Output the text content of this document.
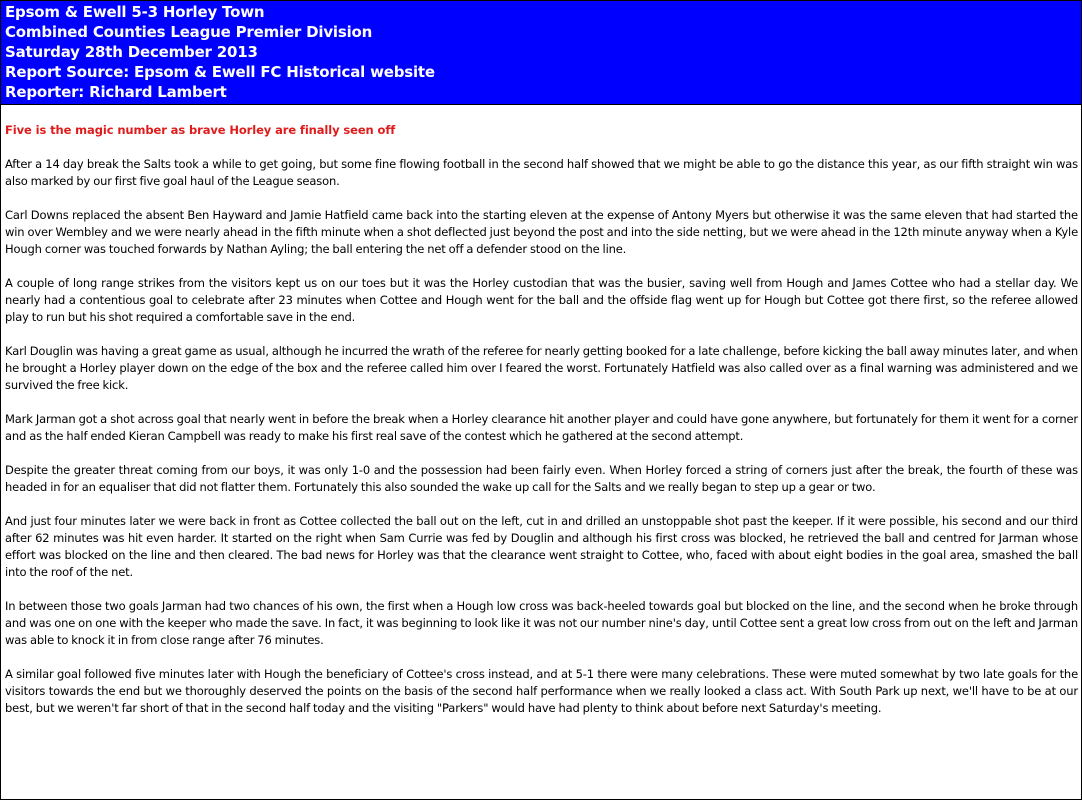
Epsom & Ewell 5-3 Horley Town
Combined Counties League Premier Division
Saturday 28th December 2013
Report Source: Epsom & Ewell FC Historical website
Reporter: Richard Lambert

Five is the magic number as brave Horley are finally seen off

After a 14 day break the Salts took a while to get going, but some fine flowing football in the second half showed that we might be able to go the distance this year, as our fifth straight win was also marked by our first five goal haul of the League season.

Carl Downs replaced the absent Ben Hayward and Jamie Hatfield came back into the starting eleven at the expense of Antony Myers but otherwise it was the same eleven that had started the win over Wembley and we were nearly ahead in the fifth minute when a shot deflected just beyond the post and into the side netting, but we were ahead in the 12th minute anyway when a Kyle Hough corner was touched forwards by Nathan Ayling; the ball entering the net off a defender stood on the line.

A couple of long range strikes from the visitors kept us on our toes but it was the Horley custodian that was the busier, saving well from Hough and James Cottee who had a stellar day. We nearly had a contentious goal to celebrate after 23 minutes when Cottee and Hough went for the ball and the offside flag went up for Hough but Cottee got there first, so the referee allowed play to run but his shot required a comfortable save in the end.

Karl Douglin was having a great game as usual, although he incurred the wrath of the referee for nearly getting booked for a late challenge, before kicking the ball away minutes later, and when he brought a Horley player down on the edge of the box and the referee called him over I feared the worst. Fortunately Hatfield was also called over as a final warning was administered and we survived the free kick.

Mark Jarman got a shot across goal that nearly went in before the break when a Horley clearance hit another player and could have gone anywhere, but fortunately for them it went for a corner and as the half ended Kieran Campbell was ready to make his first real save of the contest which he gathered at the second attempt.

Despite the greater threat coming from our boys, it was only 1-0 and the possession had been fairly even. When Horley forced a string of corners just after the break, the fourth of these was headed in for an equaliser that did not flatter them. Fortunately this also sounded the wake up call for the Salts and we really began to step up a gear or two.

And just four minutes later we were back in front as Cottee collected the ball out on the left, cut in and drilled an unstoppable shot past the keeper. If it were possible, his second and our third after 62 minutes was hit even harder. It started on the right when Sam Currie was fed by Douglin and although his first cross was blocked, he retrieved the ball and centred for Jarman whose effort was blocked on the line and then cleared. The bad news for Horley was that the clearance went straight to Cottee, who, faced with about eight bodies in the goal area, smashed the ball into the roof of the net.

In between those two goals Jarman had two chances of his own, the first when a Hough low cross was back-heeled towards goal but blocked on the line, and the second when he broke through and was one on one with the keeper who made the save. In fact, it was beginning to look like it was not our number nine's day, until Cottee sent a great low cross from out on the left and Jarman was able to knock it in from close range after 76 minutes.

A similar goal followed five minutes later with Hough the beneficiary of Cottee's cross instead, and at 5-1 there were many celebrations. These were muted somewhat by two late goals for the visitors towards the end but we thoroughly deserved the points on the basis of the second half performance when we really looked a class act. With South Park up next, we'll have to be at our best, but we weren't far short of that in the second half today and the visiting "Parkers" would have had plenty to think about before next Saturday's meeting.
